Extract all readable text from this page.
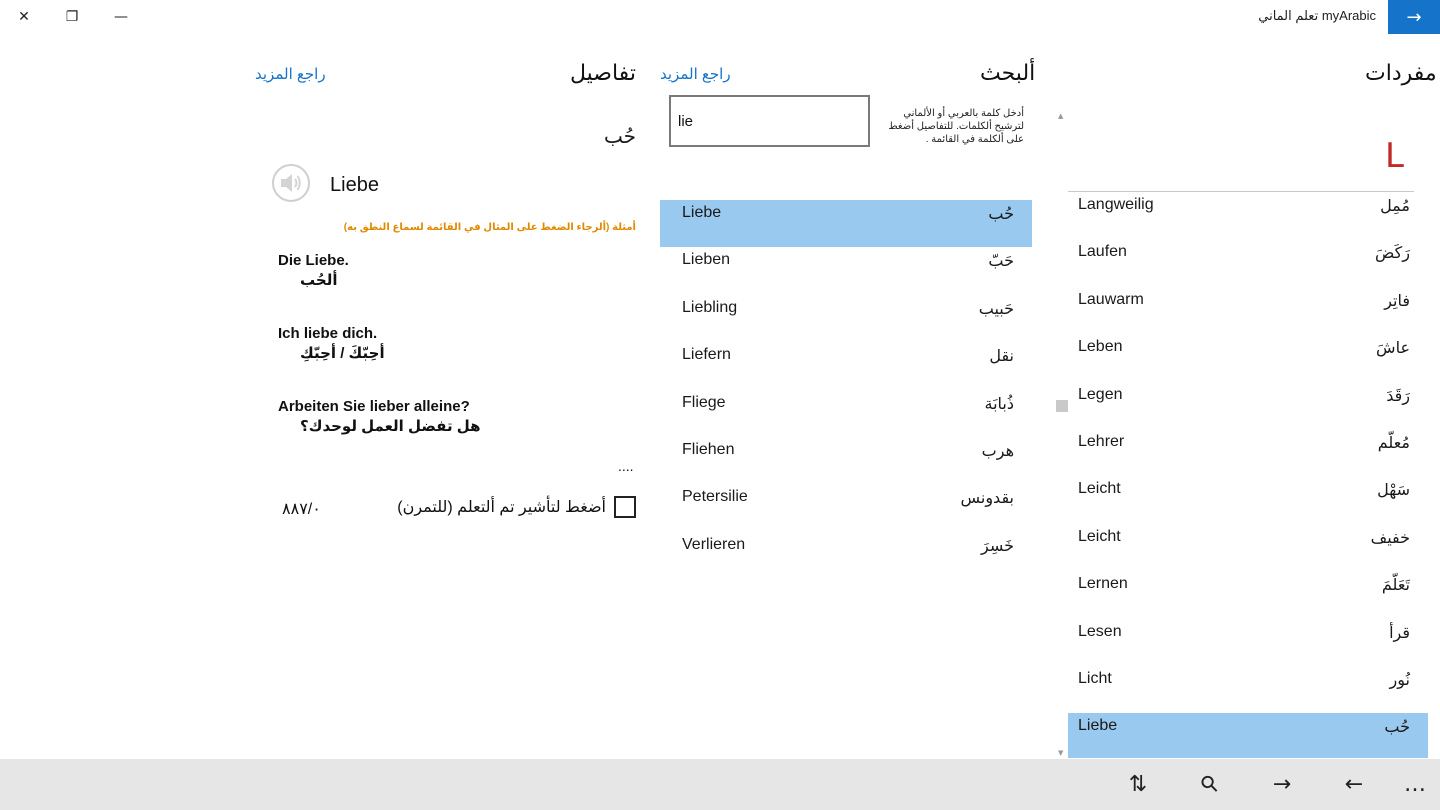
✕	❐	—	myArabic تعلم الماني →
مفردات
L
▲
▼
Langweilig	مُمِل
Laufen	رَكَضَ
Lauwarm	فاتِر
Leben	عاشَ
Legen	رَقَدَ
Lehrer	مُعلّم
Leicht	سَهْل
Leicht	خفيف
Lernen	تَعَلّمَ
Lesen	قرأ
Licht	نُور
Liebe	حُب
ألبحث
راجع المزيد
أدخل كلمة بالعربي أو الألماني لترشيح ألكلمات. للتفاصيل أضغط على ألكلمة في القائمة .
lie
Liebe	حُب
Lieben	حَبّ
Liebling	حَبيب
Liefern	نقل
Fliege	ذُبابَة
Fliehen	هرب
Petersilie	بقدونس
Verlieren	خَسِرَ
تفاصيل
راجع المزيد
حُب
Liebe
أمثلة (ألرجاء الضغط على المثال في القائمة لسماع النطق به)
Die Liebe.
ألحُب
Ich liebe dich.
أحِبّكَ / أحِبّكِ
Arbeiten Sie lieber alleine?
هل تفضل العمل لوحدك؟
....
أضغط لتأشير تم ألتعلم (للتمرن)
٨٨٧/٠
⇅ ⚲ → ← …
